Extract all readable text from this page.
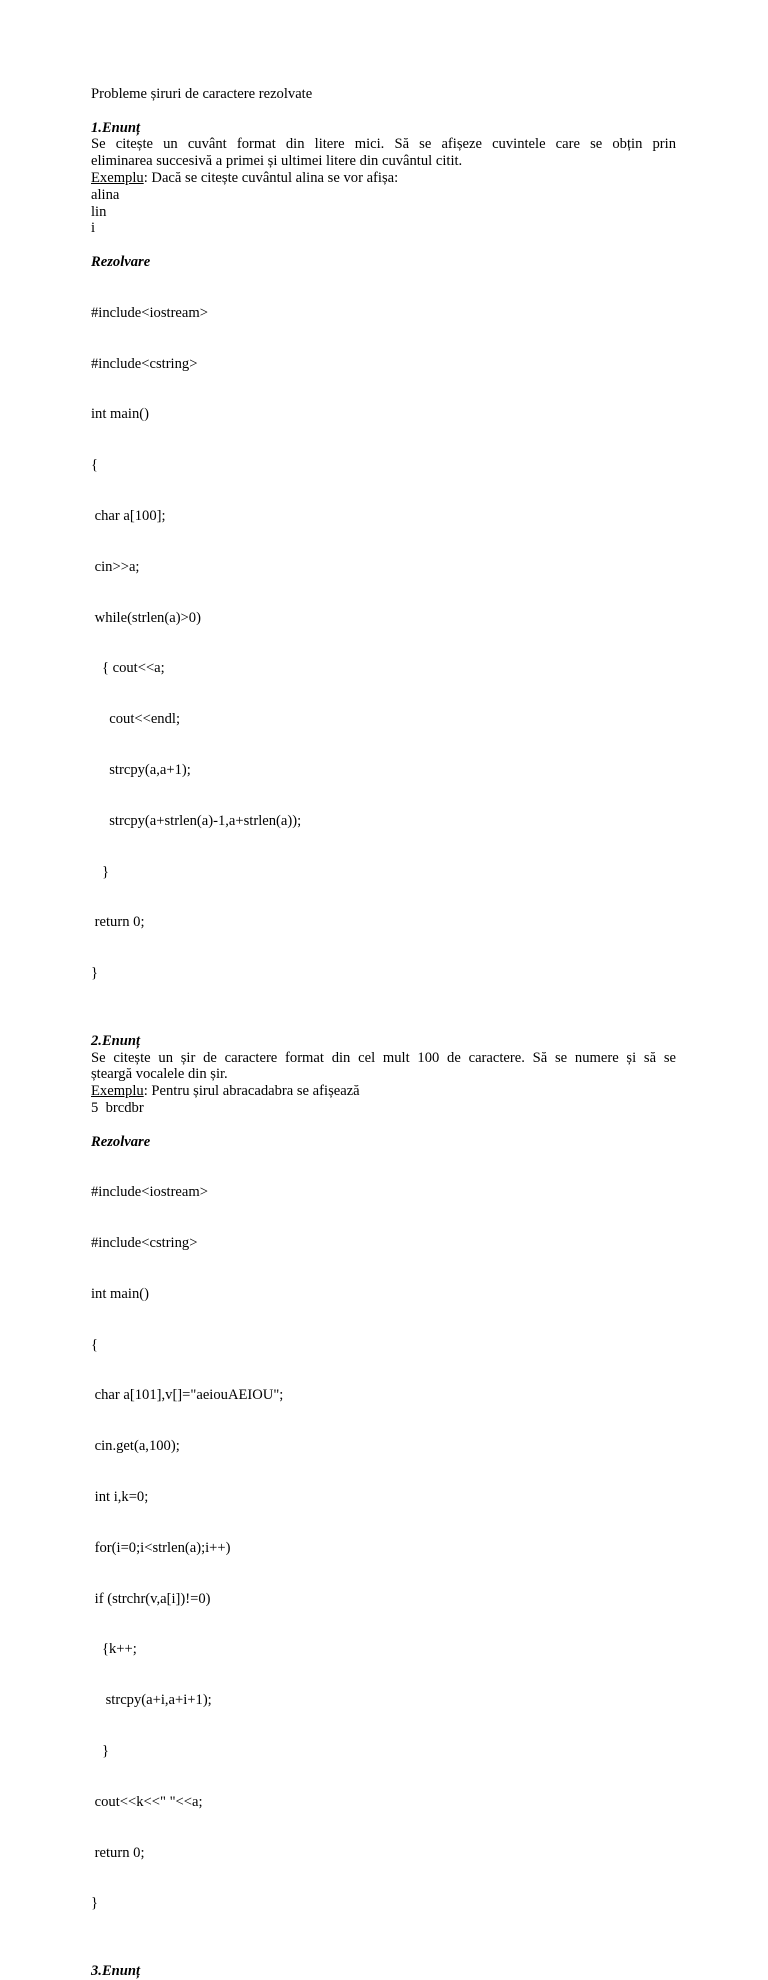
Probleme șiruri de caractere rezolvate
1.Enunț
Se citește un cuvânt format din litere mici. Să se afișeze cuvintele care se obțin prin
eliminarea succesivă a primei și ultimei litere din cuvântul citit.
Exemplu: Dacă se citește cuvântul alina se vor afișa:
alina
lin
i
Rezolvare

#include<iostream>

#include<cstring>

int main()

{

char a[100];

cin>>a;

while(strlen(a)>0)

{ cout<<a;

cout<<endl;

strcpy(a,a+1);

strcpy(a+strlen(a)-1,a+strlen(a));

}

return 0;

}

2.Enunț
Se citește un șir de caractere format din cel mult 100 de caractere. Să se numere și să se
șteargă vocalele din șir.
Exemplu: Pentru șirul abracadabra se afișează
5  brcdbr
Rezolvare

#include<iostream>

#include<cstring>

int main()

{

char a[101],v[]="aeiouAEIOU";

cin.get(a,100);

int i,k=0;

for(i=0;i<strlen(a);i++)

if (strchr(v,a[i])!=0)

{k++;

strcpy(a+i,a+i+1);

}

cout<<k<<" "<<a;

return 0;

}

3.Enunț
